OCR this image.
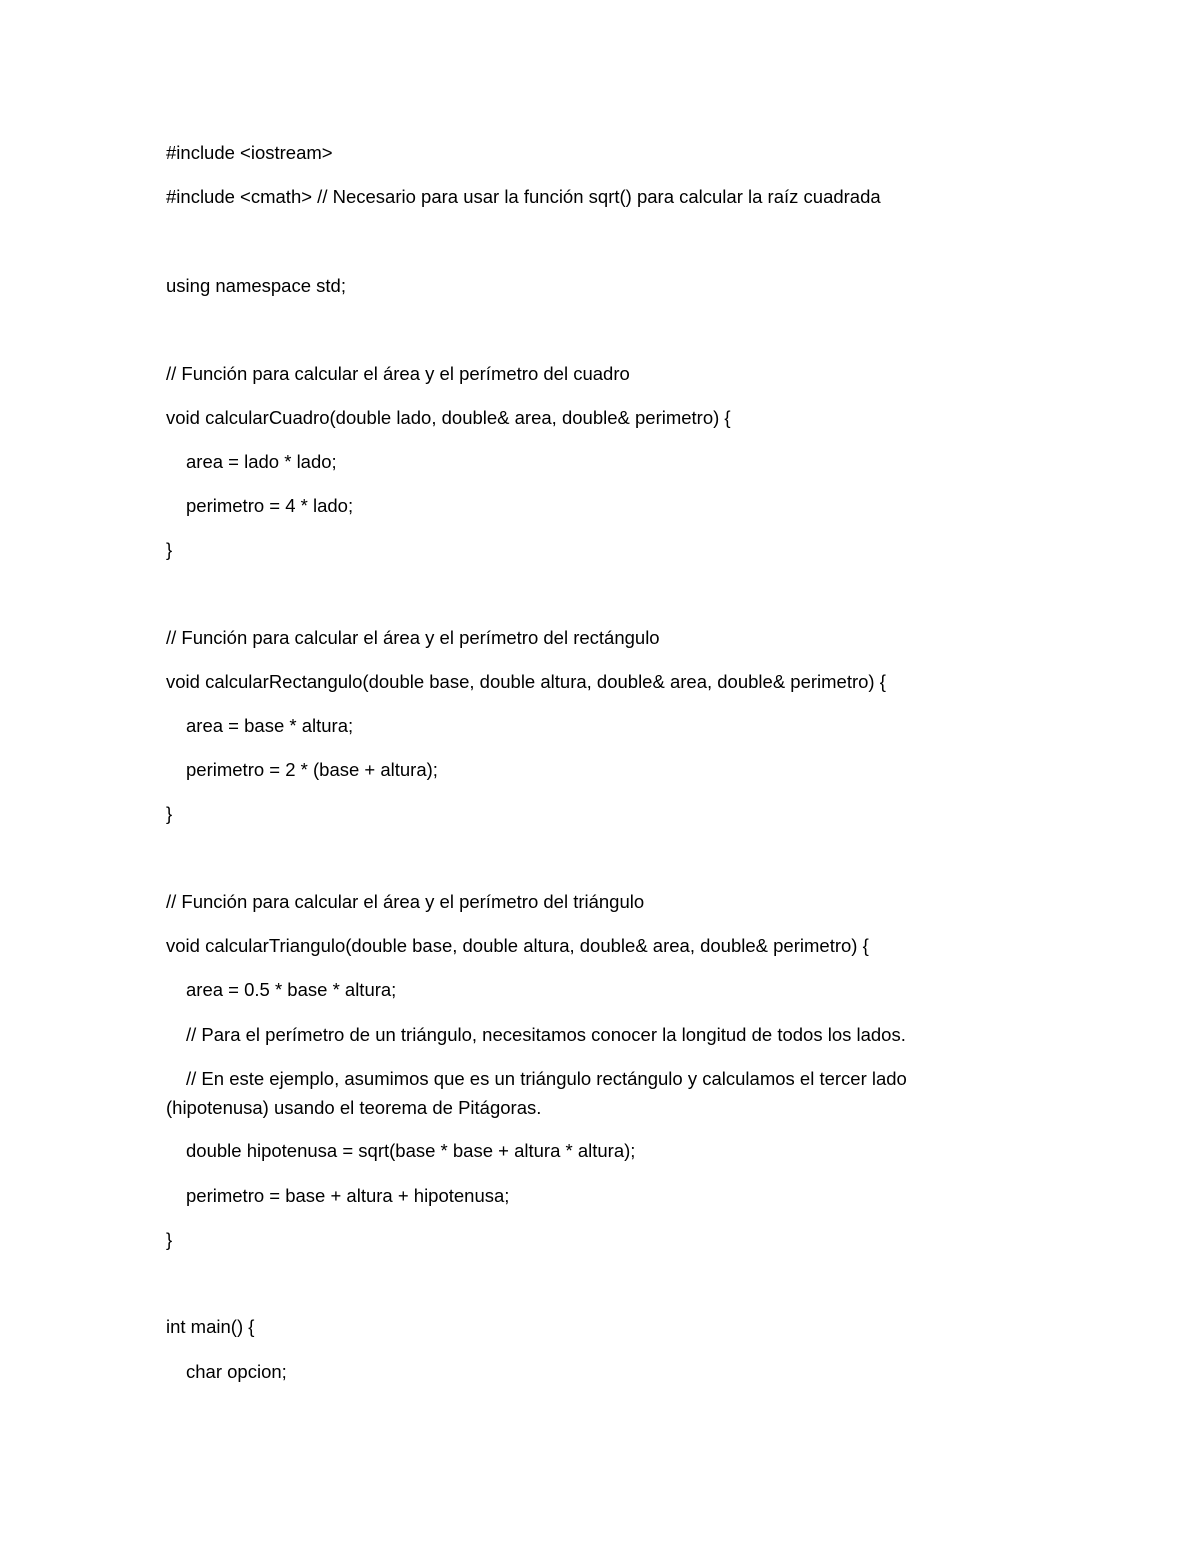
#include <iostream>
#include <cmath> // Necesario para usar la función sqrt() para calcular la raíz cuadrada
using namespace std;
// Función para calcular el área y el perímetro del cuadro
void calcularCuadro(double lado, double& area, double& perimetro) {
area = lado * lado;
perimetro = 4 * lado;
}
// Función para calcular el área y el perímetro del rectángulo
void calcularRectangulo(double base, double altura, double& area, double& perimetro) {
area = base * altura;
perimetro = 2 * (base + altura);
}
// Función para calcular el área y el perímetro del triángulo
void calcularTriangulo(double base, double altura, double& area, double& perimetro) {
area = 0.5 * base * altura;
// Para el perímetro de un triángulo, necesitamos conocer la longitud de todos los lados.
// En este ejemplo, asumimos que es un triángulo rectángulo y calculamos el tercer lado
(hipotenusa) usando el teorema de Pitágoras.
double hipotenusa = sqrt(base * base + altura * altura);
perimetro = base + altura + hipotenusa;
}
int main() {
char opcion;
